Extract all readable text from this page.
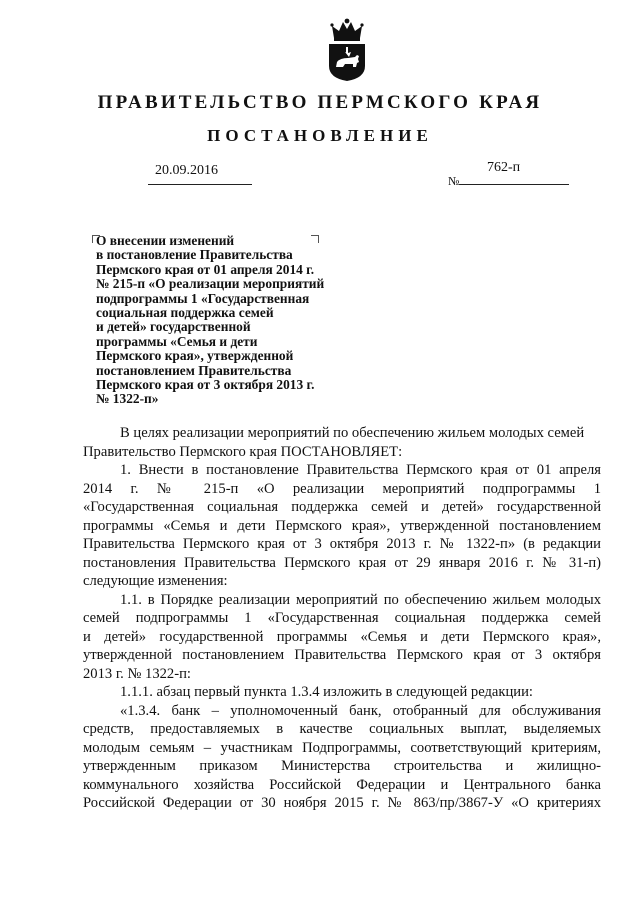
ПРАВИТЕЛЬСТВО ПЕРМСКОГО КРАЯ
ПОСТАНОВЛЕНИЕ
20.09.2016
№
762-п
О внесении изменений
в постановление Правительства
Пермского края от 01 апреля 2014 г.
№ 215-п «О реализации мероприятий
подпрограммы 1 «Государственная
социальная поддержка семей
и детей» государственной
программы «Семья и дети
Пермского края», утвержденной
постановлением Правительства
Пермского края от 3 октября 2013 г.
№ 1322-п»
В целях реализации мероприятий по обеспечению жильем молодых семей
Правительство Пермского края ПОСТАНОВЛЯЕТ:
1. Внести в постановление Правительства Пермского края от 01 апреля
2014 г. № 215-п «О реализации мероприятий подпрограммы 1
«Государственная социальная поддержка семей и детей» государственной
программы «Семья и дети Пермского края», утвержденной постановлением
Правительства Пермского края от 3 октября 2013 г. № 1322-п» (в редакции
постановления Правительства Пермского края от 29 января 2016 г. № 31-п)
следующие изменения:
1.1. в Порядке реализации мероприятий по обеспечению жильем молодых
семей подпрограммы 1 «Государственная социальная поддержка семей
и детей» государственной программы «Семья и дети Пермского края»,
утвержденной постановлением Правительства Пермского края от 3 октября
2013 г. № 1322-п:
1.1.1. абзац первый пункта 1.3.4 изложить в следующей редакции:
«1.3.4. банк – уполномоченный банк, отобранный для обслуживания
средств, предоставляемых в качестве социальных выплат, выделяемых
молодым семьям – участникам Подпрограммы, соответствующий критериям,
утвержденным приказом Министерства строительства и жилищно-
коммунального хозяйства Российской Федерации и Центрального банка
Российской Федерации от 30 ноября 2015 г. № 863/пр/3867-У «О критериях
